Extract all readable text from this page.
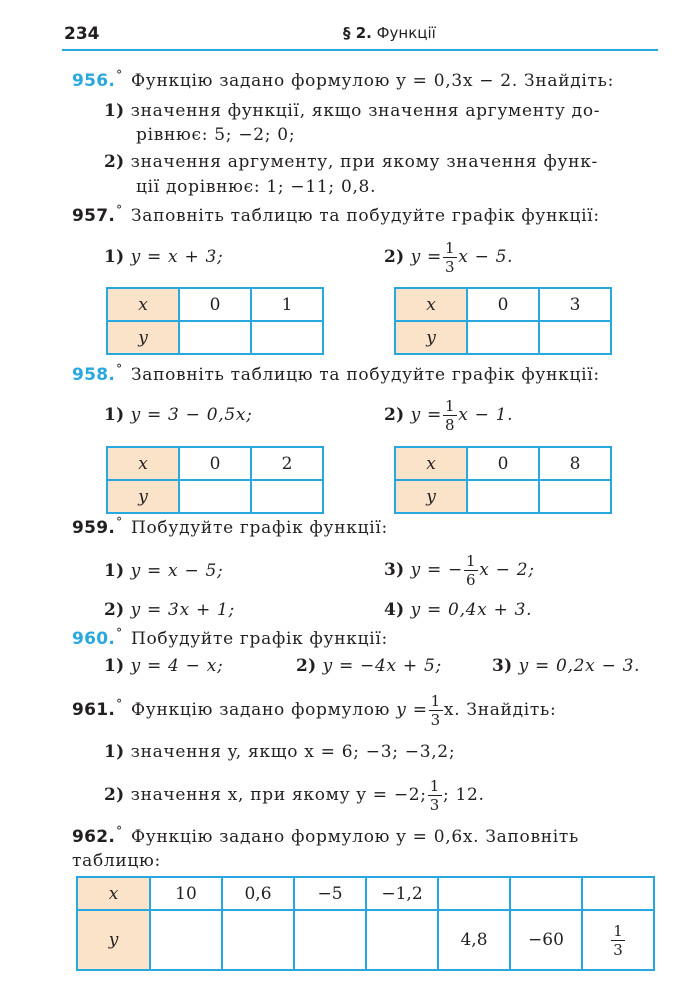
234	§ 2. Функції
956.° Функцію задано формулою y = 0,3x − 2. Знайдіть:
1) значення функції, якщо значення аргументу до-
рівнює: 5; −2; 0;
2) значення аргументу, при якому значення функ-
ції дорівнює: 1; −11; 0,8.
957.° Заповніть таблицю та побудуйте графік функції:
1) y = x + 3;	2) $y = \frac{1}{3}$ x − 5.
x	0	1
y		
x	0	3
y		
958.° Заповніть таблицю та побудуйте графік функції:
1) y = 3 − 0,5x;	2) $y = \frac{1}{8}$ x − 1.
x	0	2
y		
x	0	8
y		
959.° Побудуйте графік функції:
1) y = x − 5;	3) y = − $\frac{1}{6}$ x − 2;
2) y = 3x + 1;	4) y = 0,4x + 3.
960.° Побудуйте графік функції:
1) y = 4 − x;	2) y = −4x + 5;	3) y = 0,2x − 3.
961.° Функцію задано формулою $y = \frac{1}{3} x$. Знайдіть:
1) значення y, якщо x = 6; −3; −3,2;
2) значення x, при якому y = −2; $\frac{1}{3}$ ; 12.
962.° Функцію задано формулою y = 0,6x. Заповніть
таблицю:
x	10	0,6	−5	−1,2			
y					4,8	−60	$\frac{1}{3}$
